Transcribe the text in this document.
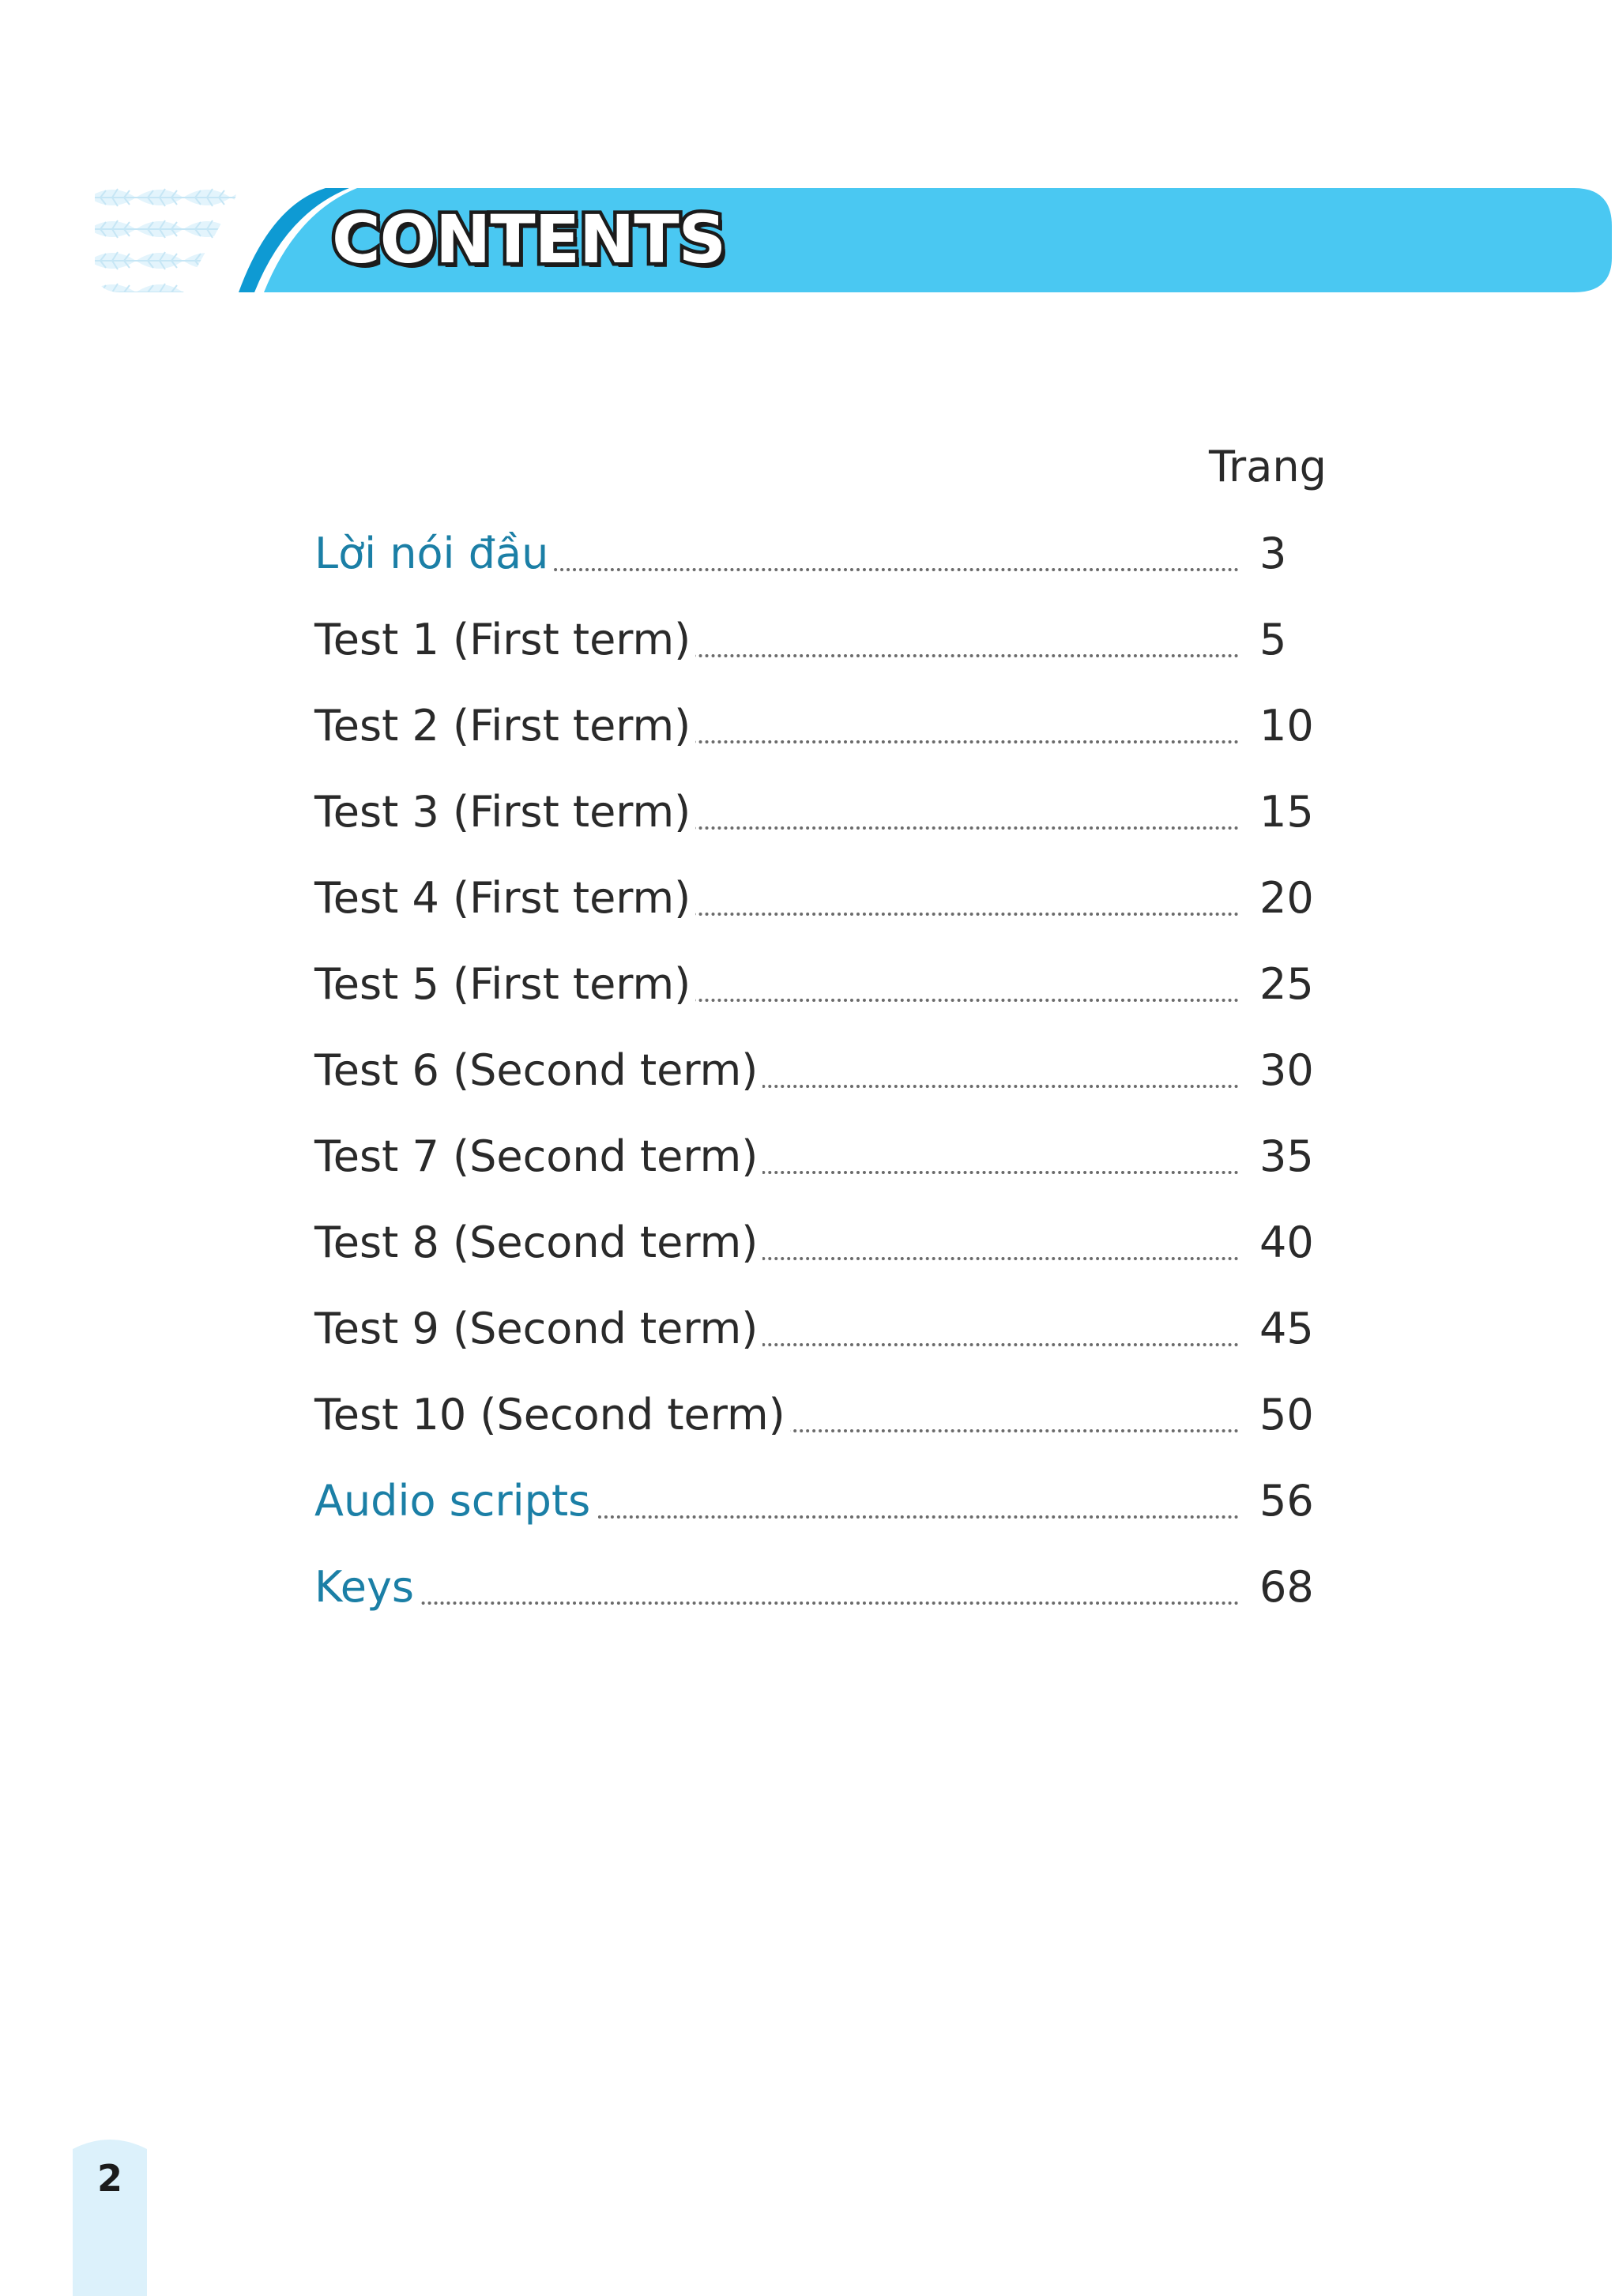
CONTENTS
Trang
Lời nói đầu	3
Test 1 (First term)	5
Test 2 (First term)	10
Test 3 (First term)	15
Test 4 (First term)	20
Test 5 (First term)	25
Test 6 (Second term)	30
Test 7 (Second term)	35
Test 8 (Second term)	40
Test 9 (Second term)	45
Test 10 (Second term)	50
Audio scripts	56
Keys	68
2
